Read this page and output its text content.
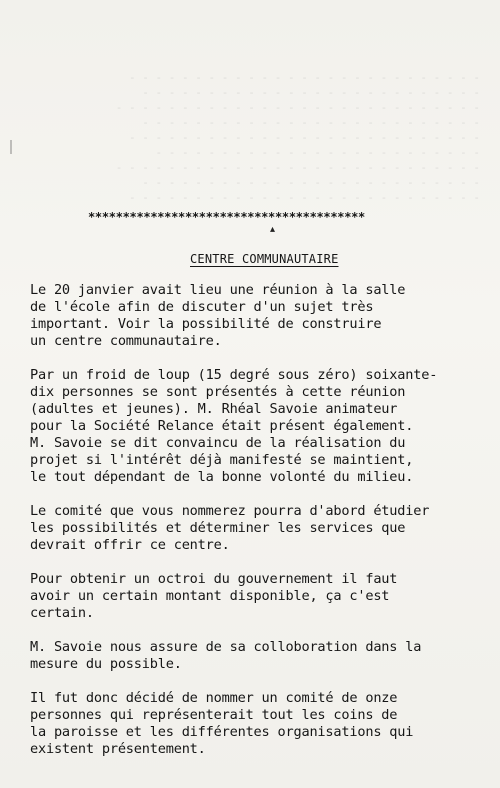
- - - - - - - - - - - - - - - - - - - - - - - - - - -
- - - - - - - - - - - - - - - - - - - - - - - - - -
- - - - - - - - - - - - - - - - - - - - - - - - - - - -
- - - - - - - - - - - - - - - - - - - - - - - - - -
- - - - - - - - - - - - - - - - - - - - - - - - - - -
- - - - - - - - - - - - - - - - - - - - - - - - -
- - - - - - - - - - - - - - - - - - - - - - - - - - - -
- - - - - - - - - - - - - - - - - - - - - - - - - -
- - - - - - - - - - - - - - - - - - - - - - - - - - -
****************************************
▴
CENTRE COMMUNAUTAIRE
Le 20 janvier avait lieu une réunion à la salle
de l'école afin de discuter d'un sujet très
important. Voir la possibilité de construire
un centre communautaire.
Par un froid de loup (15 degré sous zéro) soixante-
dix personnes se sont présentés à cette réunion
(adultes et jeunes). M. Rhéal Savoie animateur
pour la Société Relance était présent également.
M. Savoie se dit convaincu de la réalisation du
projet si l'intérêt déjà manifesté se maintient,
le tout dépendant de la bonne volonté du milieu.
Le comité que vous nommerez pourra d'abord étudier
les possibilités et déterminer les services que
devrait offrir ce centre.
Pour obtenir un octroi du gouvernement il faut
avoir un certain montant disponible, ça c'est
certain.
M. Savoie nous assure de sa colloboration dans la
mesure du possible.
Il fut donc décidé de nommer un comité de onze
personnes qui représenterait tout les coins de
la paroisse et les différentes organisations qui
existent présentement.
